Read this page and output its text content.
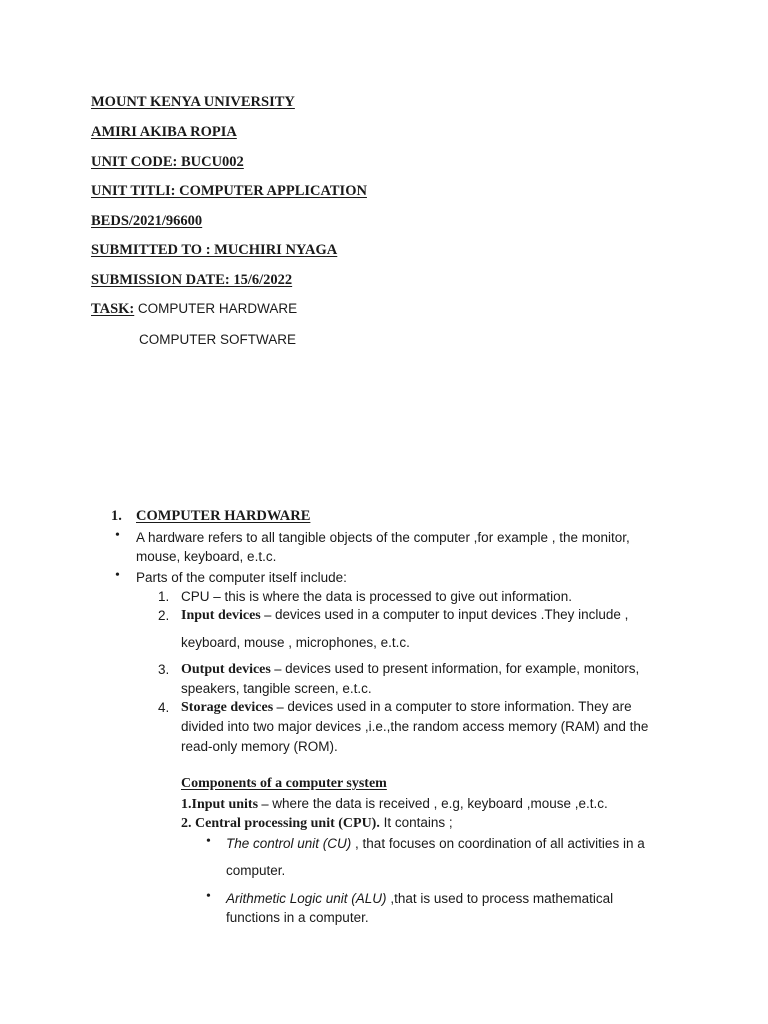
MOUNT KENYA UNIVERSITY
AMIRI AKIBA ROPIA
UNIT CODE: BUCU002
UNIT TITLI: COMPUTER APPLICATION
BEDS/2021/96600
SUBMITTED TO : MUCHIRI NYAGA
SUBMISSION DATE: 15/6/2022
TASK: COMPUTER HARDWARE
COMPUTER SOFTWARE
1. COMPUTER HARDWARE
• A hardware refers to all tangible objects of the computer ,for example , the monitor,
mouse, keyboard, e.t.c.
• Parts of the computer itself include:
1. CPU – this is where the data is processed to give out information.
2. Input devices – devices used in a computer to input devices .They include ,
keyboard, mouse , microphones, e.t.c.
3. Output devices – devices used to present information, for example, monitors,
speakers, tangible screen, e.t.c.
4. Storage devices – devices used in a computer to store information. They are
divided into two major devices ,i.e.,the random access memory (RAM) and the
read-only memory (ROM).
Components of a computer system
1.Input units – where the data is received , e.g, keyboard ,mouse ,e.t.c.
2. Central processing unit (CPU). It contains ;
• The control unit (CU) , that focuses on coordination of all activities in a
computer.
• Arithmetic Logic unit (ALU) ,that is used to process mathematical
functions in a computer.
